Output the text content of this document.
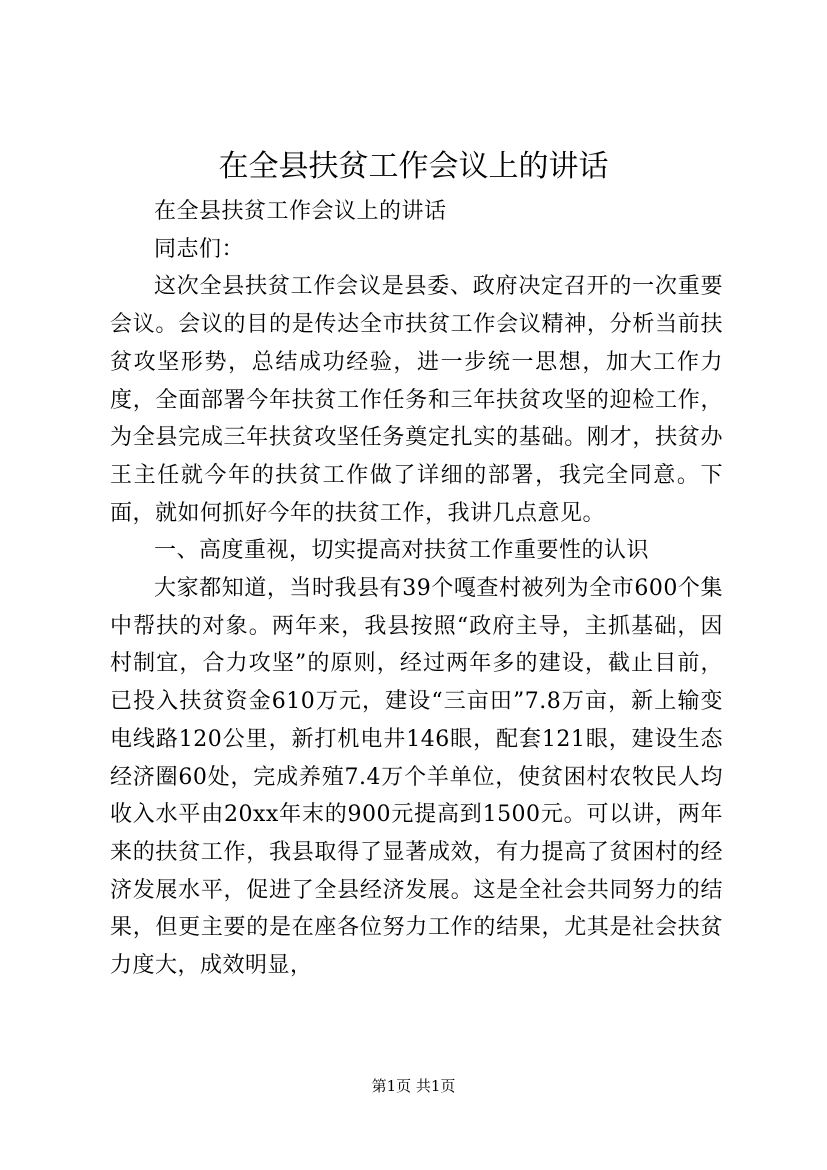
在全县扶贫工作会议上的讲话

在全县扶贫工作会议上的讲话

同志们：

这次全县扶贫工作会议是县委、政府决定召开的一次重要会议。会议的目的是传达全市扶贫工作会议精神，分析当前扶贫攻坚形势，总结成功经验，进一步统一思想，加大工作力度，全面部署今年扶贫工作任务和三年扶贫攻坚的迎检工作，为全县完成三年扶贫攻坚任务奠定扎实的基础。刚才，扶贫办王主任就今年的扶贫工作做了详细的部署，我完全同意。下面，就如何抓好今年的扶贫工作，我讲几点意见。

一、高度重视，切实提高对扶贫工作重要性的认识

大家都知道，当时我县有39个嘎查村被列为全市600个集中帮扶的对象。两年来，我县按照“政府主导，主抓基础，因村制宜，合力攻坚”的原则，经过两年多的建设，截止目前，已投入扶贫资金610万元，建设“三亩田”7.8万亩，新上输变电线路120公里，新打机电井146眼，配套121眼，建设生态经济圈60处，完成养殖7.4万个羊单位，使贫困村农牧民人均收入水平由20xx年末的900元提高到1500元。可以讲，两年来的扶贫工作，我县取得了显著成效，有力提高了贫困村的经济发展水平，促进了全县经济发展。这是全社会共同努力的结果，但更主要的是在座各位努力工作的结果，尤其是社会扶贫力度大，成效明显，

第1页 共1页
